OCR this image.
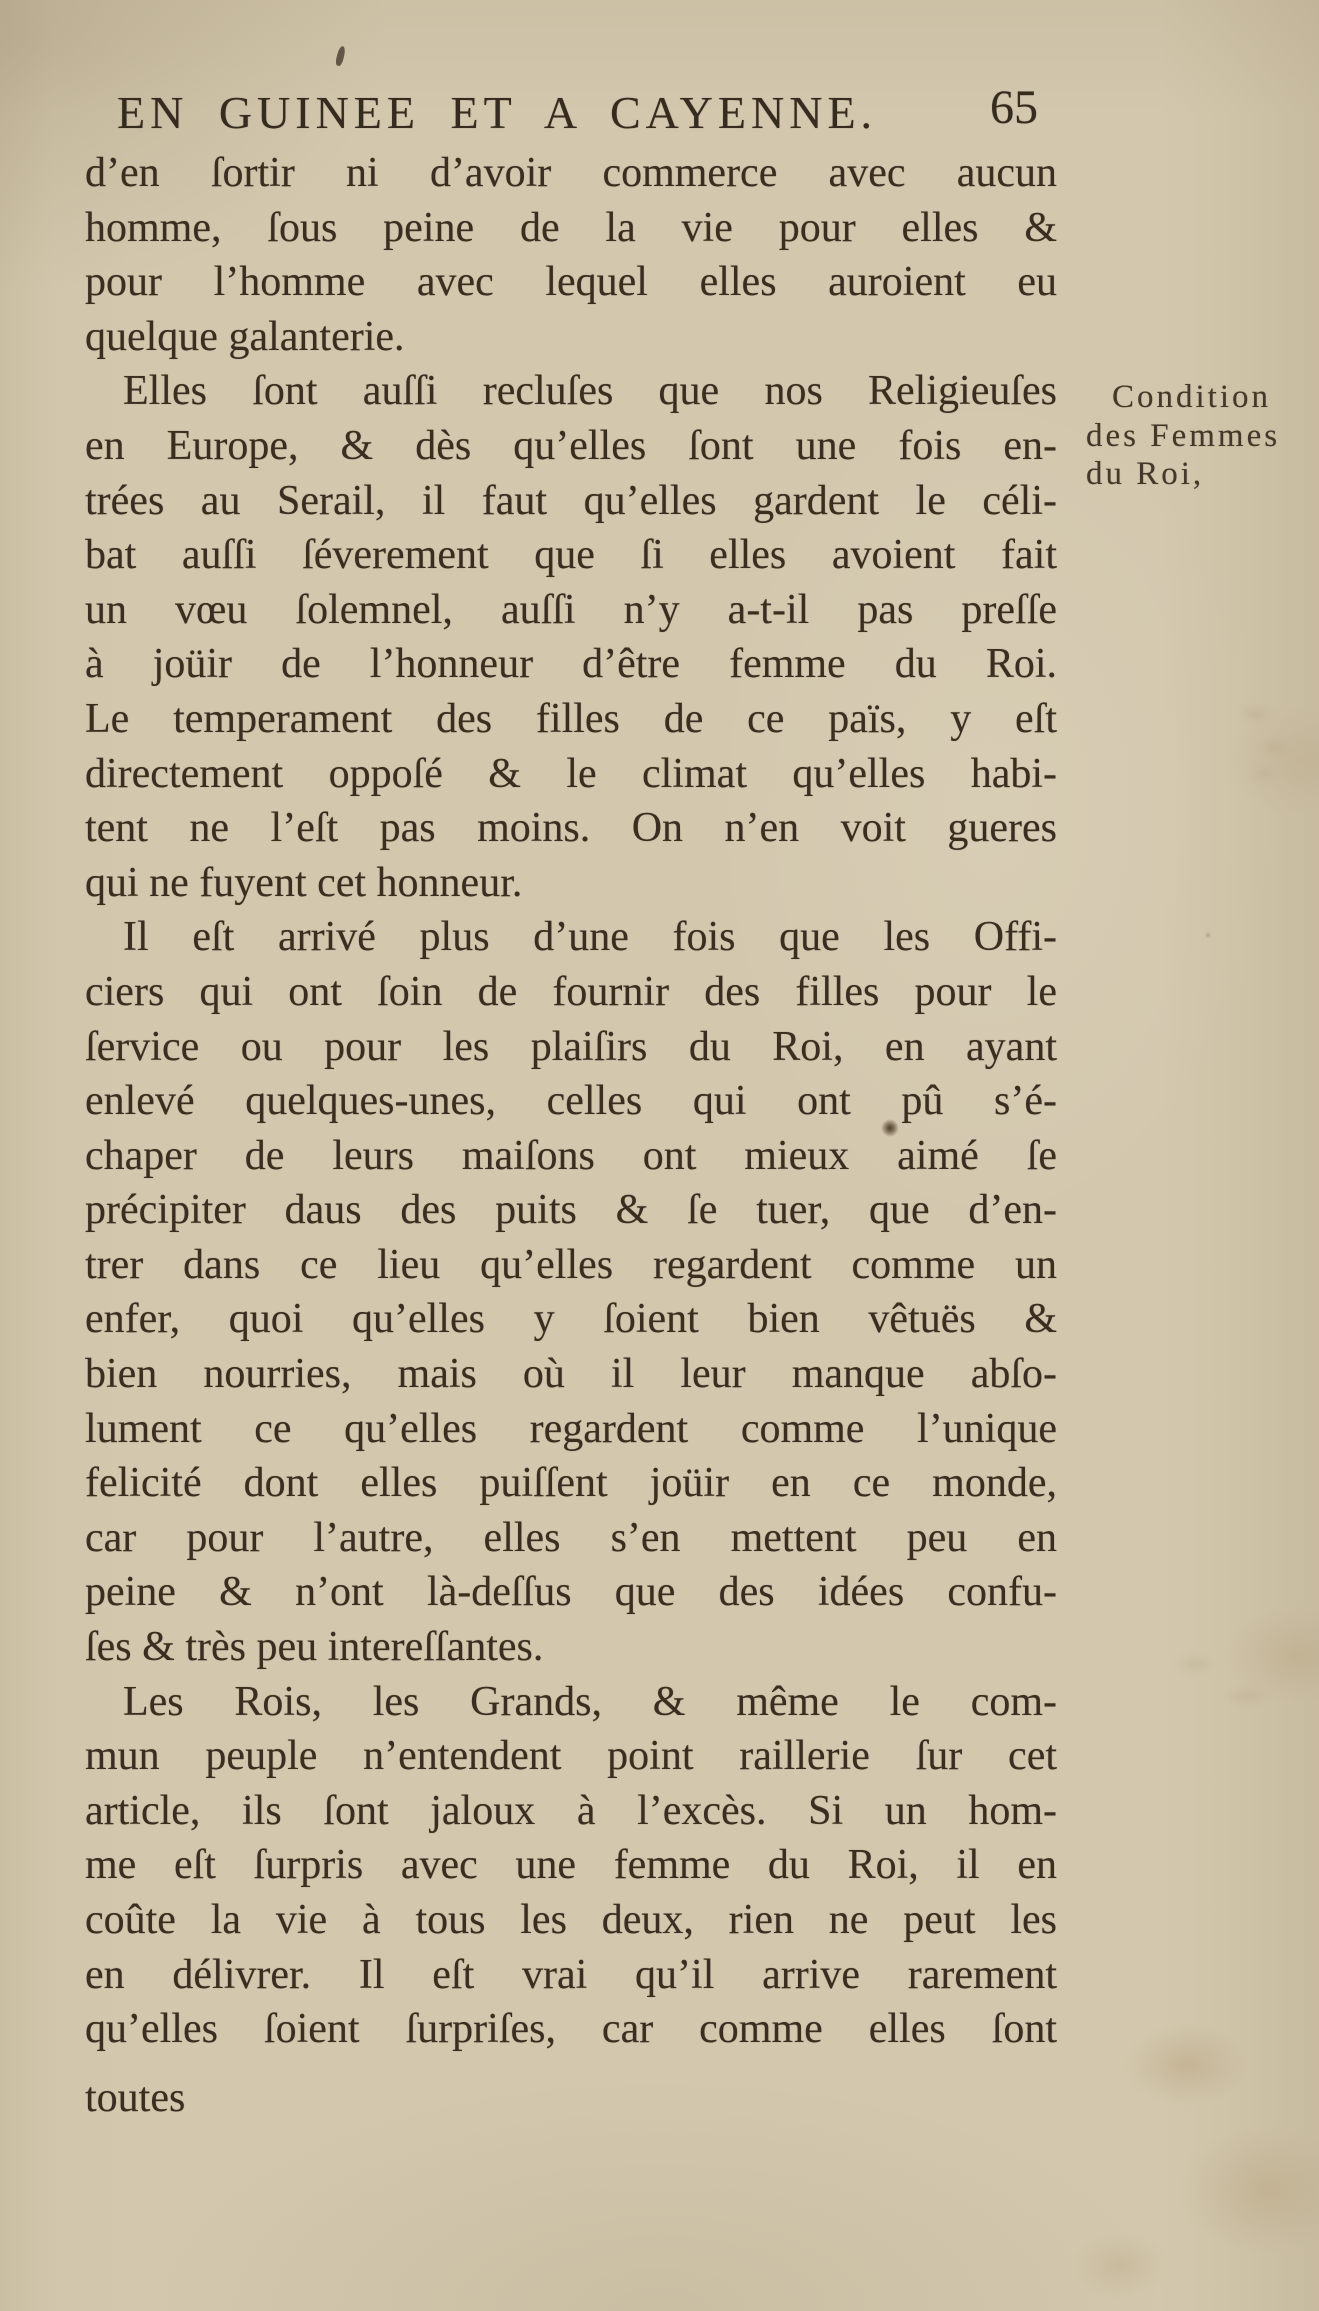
EN GUINEE ET A CAYENNE. 65
Condition
des Femmes
du Roi,
d’en ſortir ni d’avoir commerce avec aucun
homme, ſous peine de la vie pour elles &
pour l’homme avec lequel elles auroient eu
quelque galanterie.
Elles ſont auſſi recluſes que nos Religieuſes
en Europe, & dès qu’elles ſont une fois en-
trées au Serail, il faut qu’elles gardent le céli-
bat auſſi ſéverement que ſi elles avoient fait
un vœu ſolemnel, auſſi n’y a-t-il pas preſſe
à joüir de l’honneur d’être femme du Roi.
Le temperament des filles de ce païs, y eſt
directement oppoſé & le climat qu’elles habi-
tent ne l’eſt pas moins. On n’en voit gueres
qui ne fuyent cet honneur.
Il eſt arrivé plus d’une fois que les Offi-
ciers qui ont ſoin de fournir des filles pour le
ſervice ou pour les plaiſirs du Roi, en ayant
enlevé quelques-unes, celles qui ont pû s’é-
chaper de leurs maiſons ont mieux aimé ſe
précipiter daus des puits & ſe tuer, que d’en-
trer dans ce lieu qu’elles regardent comme un
enfer, quoi qu’elles y ſoient bien vêtuës &
bien nourries, mais où il leur manque abſo-
lument ce qu’elles regardent comme l’unique
felicité dont elles puiſſent joüir en ce monde,
car pour l’autre, elles s’en mettent peu en
peine & n’ont là-deſſus que des idées confu-
ſes & très peu intereſſantes.
Les Rois, les Grands, & même le com-
mun peuple n’entendent point raillerie ſur cet
article, ils ſont jaloux à l’excès. Si un hom-
me eſt ſurpris avec une femme du Roi, il en
coûte la vie à tous les deux, rien ne peut les
en délivrer. Il eſt vrai qu’il arrive rarement
qu’elles ſoient ſurpriſes, car comme elles ſont
toutes
